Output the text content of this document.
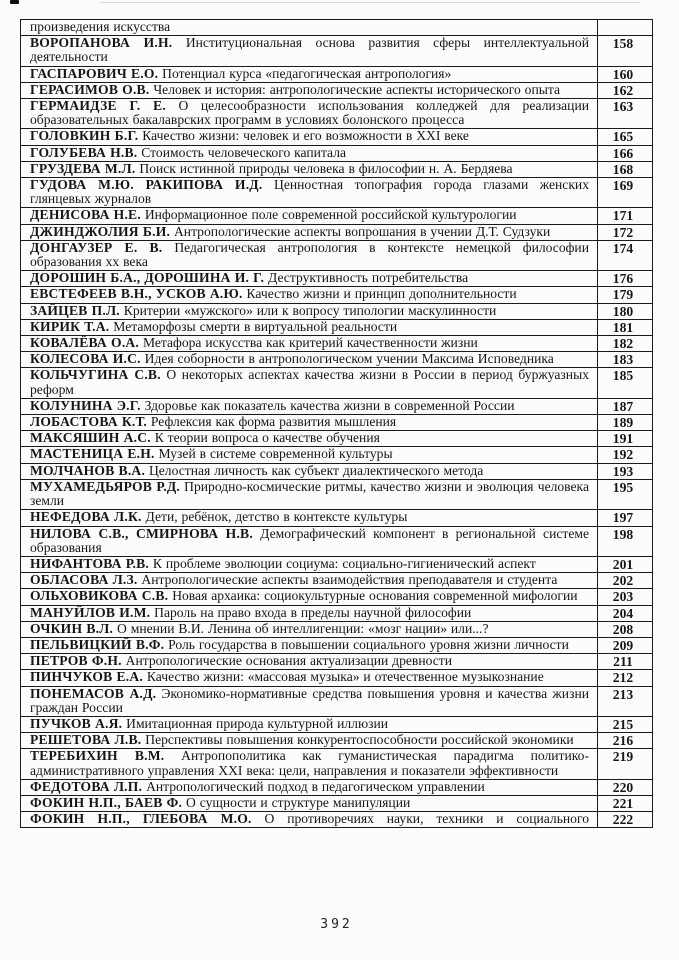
произведения искусства	
ВОРОПАНОВА И.Н. Институциональная основа развития сферы интеллектуальной деятельности	158
ГАСПАРОВИЧ Е.О. Потенциал курса «педагогическая антропология»	160
ГЕРАСИМОВ О.В. Человек и история: антропологические аспекты исторического опыта	162
ГЕРМАИДЗЕ Г. Е. О целесообразности использования колледжей для реализации образовательных бакалаврских программ в условиях болонского процесса	163
ГОЛОВКИН Б.Г. Качество жизни: человек и его возможности в XXI веке	165
ГОЛУБЕВА Н.В. Стоимость человеческого капитала	166
ГРУЗДЕВА М.Л. Поиск истинной природы человека в философии н. А. Бердяева	168
ГУДОВА М.Ю. РАКИПОВА И.Д. Ценностная топография города глазами женских глянцевых журналов	169
ДЕНИСОВА Н.Е. Информационное поле современной российской культурологии	171
ДЖИНДЖОЛИЯ Б.И. Антропологические аспекты вопрошания в учении Д.Т. Судзуки	172
ДОНГАУЗЕР Е. В. Педагогическая антропология в контексте немецкой философии образования хх века	174
ДОРОШИН Б.А., ДОРОШИНА И. Г. Деструктивность потребительства	176
ЕВСТЕФЕЕВ В.Н., УСКОВ А.Ю. Качество жизни и принцип дополнительности	179
ЗАЙЦЕВ П.Л. Критерии «мужского» или к вопросу типологии маскулинности	180
КИРИК Т.А. Метаморфозы смерти в виртуальной реальности	181
КОВАЛЁВА О.А. Метафора искусства как критерий качественности жизни	182
КОЛЕСОВА И.С. Идея соборности в антропологическом учении Максима Исповедника	183
КОЛЬЧУГИНА С.В. О некоторых аспектах качества жизни в России в период буржуазных реформ	185
КОЛУНИНА Э.Г. Здоровье как показатель качества жизни в современной России	187
ЛОБАСТОВА К.Т. Рефлексия как форма развития мышления	189
МАКСЯШИН А.С. К теории вопроса о качестве обучения	191
МАСТЕНИЦА Е.Н. Музей в системе современной культуры	192
МОЛЧАНОВ В.А. Целостная личность как субъект диалектического метода	193
МУХАМЕДЬЯРОВ Р.Д. Природно-космические ритмы, качество жизни и эволюция человека земли	195
НЕФЕДОВА Л.К. Дети, ребёнок, детство в контексте культуры	197
НИЛОВА С.В., СМИРНОВА Н.В. Демографический компонент в региональной системе образования	198
НИФАНТОВА Р.В. К проблеме эволюции социума: социально-гигиенический аспект	201
ОБЛАСОВА Л.З. Антропологические аспекты взаимодействия преподавателя и студента	202
ОЛЬХОВИКОВА С.В. Новая архаика: социокультурные основания современной мифологии	203
МАНУЙЛОВ И.М. Пароль на право входа в пределы научной философии	204
ОЧКИН В.Л. О мнении В.И. Ленина об интеллигенции: «мозг нации» или...?	208
ПЕЛЬВИЦКИЙ В.Ф. Роль государства в повышении социального уровня жизни личности	209
ПЕТРОВ Ф.Н. Антропологические основания актуализации древности	211
ПИНЧУКОВ Е.А. Качество жизни: «массовая музыка» и отечественное музыкознание	212
ПОНЕМАСОВ А.Д. Экономико-нормативные средства повышения уровня и качества жизни граждан России	213
ПУЧКОВ А.Я. Имитационная природа культурной иллюзии	215
РЕШЕТОВА Л.В. Перспективы повышения конкурентоспособности российской экономики	216
ТЕРЕБИХИН В.М. Антропополитика как гуманистическая парадигма политико-административного управления XXI века: цели, направления и показатели эффективности	219
ФЕДОТОВА Л.П. Антропологический подход в педагогическом управлении	220
ФОКИН Н.П., БАЕВ Ф. О сущности и структуре манипуляции	221
ФОКИН Н.П., ГЛЕБОВА М.О. О противоречиях науки, техники и социального	222
392
